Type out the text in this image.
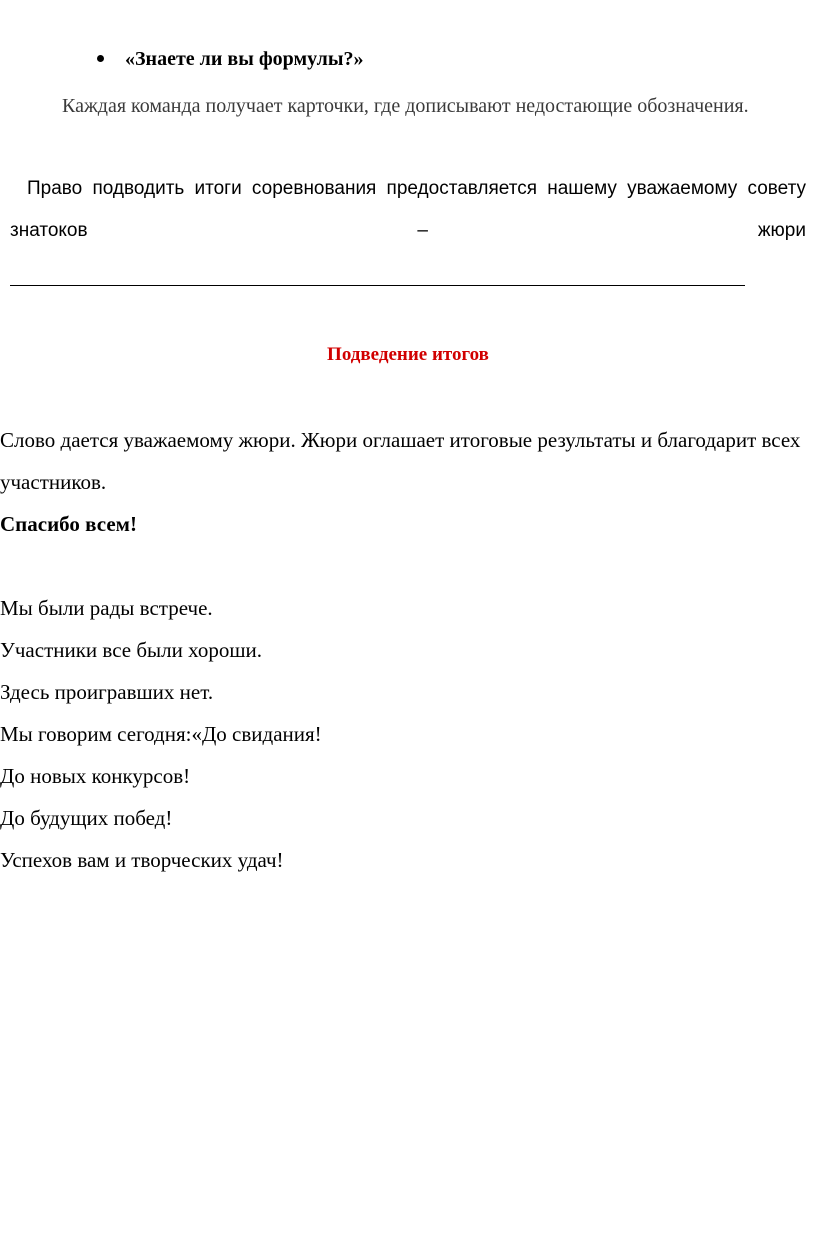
«Знаете ли вы формулы?»

Каждая команда получает карточки, где дописывают недостающие обозначения.

Право подводить итоги соревнования предоставляется нашему уважаемому совету знатоков – жюри

Подведение итогов

Слово дается уважаемому жюри. Жюри оглашает итоговые результаты и благодарит всех участников.

Спасибо всем!

Мы были рады встрече.

Участники все были хороши.

Здесь проигравших нет.

Мы говорим сегодня:«До свидания!

До новых конкурсов!

До будущих побед!

Успехов вам и творческих удач!
